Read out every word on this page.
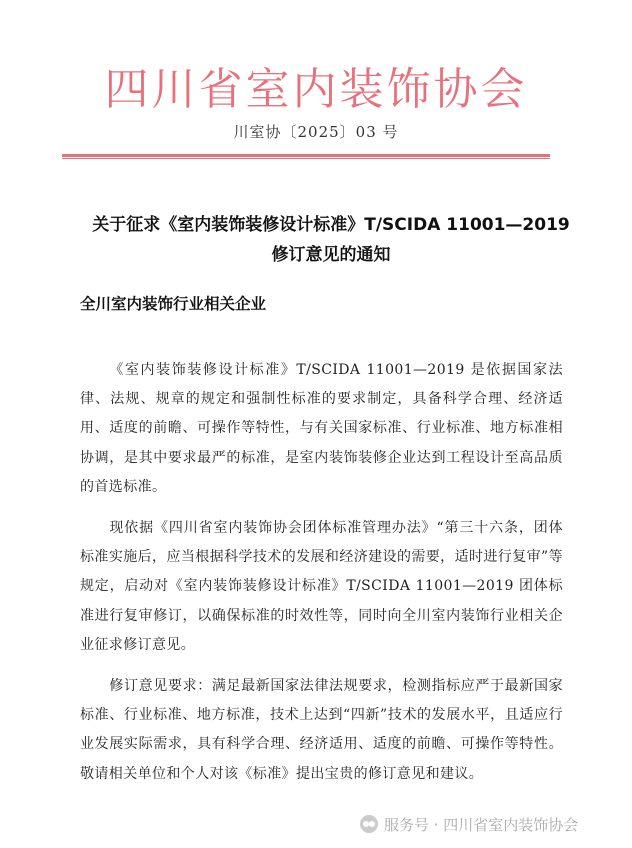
四川省室内装饰协会
川室协〔2025〕03 号
关于征求《室内装饰装修设计标准》T/SCIDA 11001—2019
修订意见的通知
全川室内装饰行业相关企业

《室内装饰装修设计标准》T/SCIDA 11001—2019 是依据国家法律、法规、规章的规定和强制性标准的要求制定，具备科学合理、经济适用、适度的前瞻、可操作等特性，与有关国家标准、行业标准、地方标准相协调，是其中要求最严的标准，是室内装饰装修企业达到工程设计至高品质的首选标准。

现依据《四川省室内装饰协会团体标准管理办法》“第三十六条，团体标准实施后，应当根据科学技术的发展和经济建设的需要，适时进行复审”等规定，启动对《室内装饰装修设计标准》T/SCIDA 11001—2019 团体标准进行复审修订，以确保标准的时效性等，同时向全川室内装饰行业相关企业征求修订意见。

修订意见要求：满足最新国家法律法规要求，检测指标应严于最新国家标准、行业标准、地方标准，技术上达到“四新”技术的发展水平，且适应行业发展实际需求，具有科学合理、经济适用、适度的前瞻、可操作等特性。敬请相关单位和个人对该《标准》提出宝贵的修订意见和建议。

服务号 · 四川省室内装饰协会
